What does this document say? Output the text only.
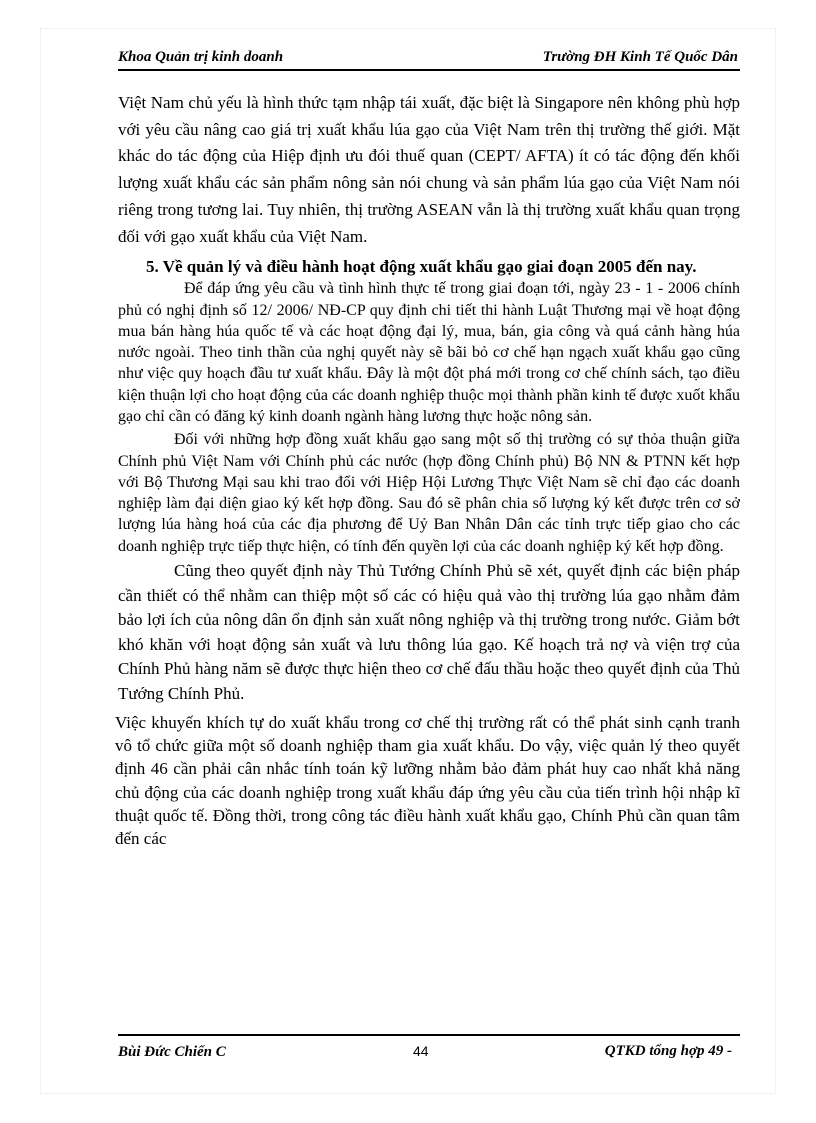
Khoa Quản trị kinh doanh	Trường ĐH Kinh Tế Quốc Dân

Việt Nam chủ yếu là hình thức tạm nhập tái xuất, đặc biệt là Singapore nên không phù hợp với yêu cầu nâng cao giá trị xuất khẩu lúa gạo của Việt Nam trên thị trường thế giới. Mặt khác do tác động của Hiệp định ưu đói thuế quan (CEPT/ AFTA) ít có tác động đến khối lượng xuất khẩu các sản phẩm nông sản nói chung và sản phẩm lúa gạo của Việt Nam nói riêng trong tương lai. Tuy nhiên, thị trường ASEAN vẫn là thị trường xuất khẩu quan trọng đối với gạo xuất khẩu của Việt Nam.

5. Về quản lý và điều hành hoạt động xuất khẩu gạo giai đoạn 2005 đến nay.

Để đáp ứng yêu cầu và tình hình thực tế trong giai đoạn tới, ngày 23 - 1 - 2006 chính phủ có nghị định số 12/ 2006/ NĐ-CP quy định chi tiết thi hành Luật Thương mại về hoạt động mua bán hàng húa quốc tế và các hoạt động đại lý, mua, bán, gia công và quá cảnh hàng húa nước ngoài. Theo tinh thần của nghị quyết này sẽ bãi bỏ cơ chế hạn ngạch xuất khẩu gạo cũng như việc quy hoạch đầu tư xuất khẩu. Đây là một đột phá mới trong cơ chế chính sách, tạo điều kiện thuận lợi cho hoạt động của các doanh nghiệp thuộc mọi thành phần kinh tế được xuốt khẩu gạo chỉ cần có đăng ký kinh doanh ngành hàng lương thực hoặc nông sản.

Đối với những hợp đồng xuất khẩu gạo sang một số thị trường có sự thỏa thuận giữa Chính phủ Việt Nam với Chính phủ các nước (hợp đồng Chính phủ) Bộ NN & PTNN kết hợp với Bộ Thương Mại sau khi trao đổi với Hiệp Hội Lương Thực Việt Nam sẽ chỉ đạo các doanh nghiệp làm đại diện giao ký kết hợp đồng. Sau đó sẽ phân chia số lượng ký kết được trên cơ sở lượng lúa hàng hoá của các địa phương để Uỷ Ban Nhân Dân các tỉnh trực tiếp giao cho các doanh nghiệp trực tiếp thực hiện, có tính đến quyền lợi của các doanh nghiệp ký kết hợp đồng.

Cũng theo quyết định này Thủ Tướng Chính Phủ sẽ xét, quyết định các biện pháp cần thiết có thể nhằm can thiệp một số các có hiệu quả vào thị trường lúa gạo nhằm đảm bảo lợi ích của nông dân ổn định sản xuất nông nghiệp và thị trường trong nước. Giảm bớt khó khăn với hoạt động sản xuất và lưu thông lúa gạo. Kế hoạch trả nợ và viện trợ của Chính Phủ hàng năm sẽ được thực hiện theo cơ chế đấu thầu hoặc theo quyết định của Thủ Tướng Chính Phủ.

Việc khuyến khích tự do xuất khẩu trong cơ chế thị trường rất có thể phát sinh cạnh tranh vô tổ chức giữa một số doanh nghiệp tham gia xuất khẩu. Do vậy, việc quản lý theo quyết định 46 cần phải cân nhắc tính toán kỹ lưỡng nhằm bảo đảm phát huy cao nhất khả năng chủ động của các doanh nghiệp trong xuất khẩu đáp ứng yêu cầu của tiến trình hội nhập kĩ thuật quốc tế. Đồng thời, trong công tác điều hành xuất khẩu gạo, Chính Phủ cần quan tâm đến các

Bùi Đức Chiến C	44	QTKD tổng hợp 49 -
